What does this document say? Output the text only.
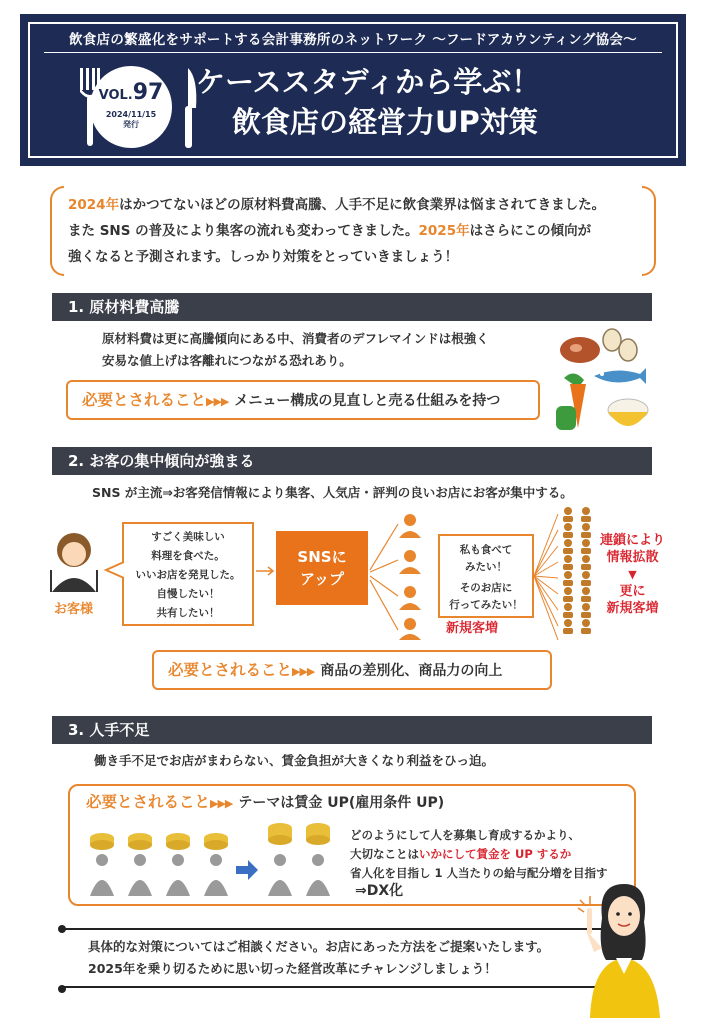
飲食店の繁盛化をサポートする会計事務所のネットワーク ～フードアカウンティング協会～
VOL.97
2024/11/15
発行
ケーススタディから学ぶ！
飲食店の経営力UP対策
2024年はかつてないほどの原材料費高騰、人手不足に飲食業界は悩まされてきました。
また SNS の普及により集客の流れも変わってきました。2025年はさらにこの傾向が
強くなると予測されます。しっかり対策をとっていきましょう！
1. 原材料費高騰
原材料費は更に高騰傾向にある中、消費者のデフレマインドは根強く
安易な値上げは客離れにつながる恐れあり。
必要とされること▶▶▶ メニュー構成の見直しと売る仕組みを持つ
2. お客の集中傾向が強まる
SNS が主流⇒お客発信情報により集客、人気店・評判の良いお店にお客が集中する。
お客様
すごく美味しい
料理を食べた。
いいお店を発見した。
自慢したい！
共有したい！
SNSに
アップ
私も食べて
みたい！
そのお店に
行ってみたい！
新規客増
連鎖により
情報拡散
▼
更に
新規客増
必要とされること▶▶▶ 商品の差別化、商品力の向上
3. 人手不足
働き手不足でお店がまわらない、賃金負担が大きくなり利益をひっ迫。
必要とされること▶▶▶ テーマは賃金 UP(雇用条件 UP)
どのようにして人を募集し育成するかより、
大切なことはいかにして賃金を UP するか
省人化を目指し 1 人当たりの給与配分増を目指す
⇒DX化
具体的な対策についてはご相談ください。お店にあった方法をご提案いたします。
2025年を乗り切るために思い切った経営改革にチャレンジしましょう！
